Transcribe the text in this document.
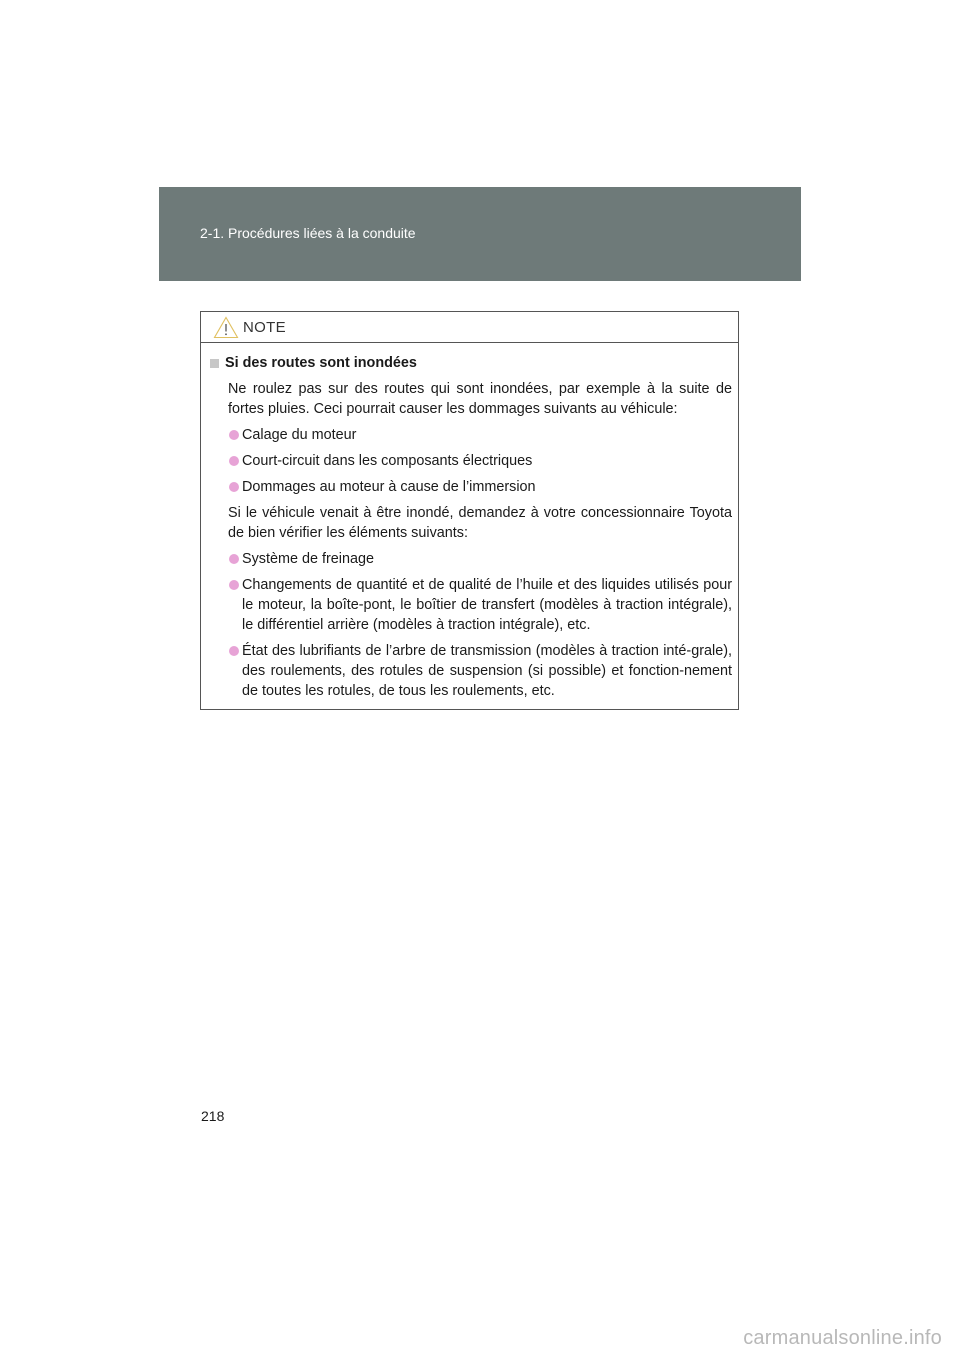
2-1. Procédures liées à la conduite
NOTE
Si des routes sont inondées
Ne roulez pas sur des routes qui sont inondées, par exemple à la suite de fortes pluies. Ceci pourrait causer les dommages suivants au véhicule:
Calage du moteur
Court-circuit dans les composants électriques
Dommages au moteur à cause de l’immersion
Si le véhicule venait à être inondé, demandez à votre concessionnaire Toyota de bien vérifier les éléments suivants:
Système de freinage
Changements de quantité et de qualité de l’huile et des liquides utilisés pour le moteur, la boîte-pont, le boîtier de transfert (modèles à traction intégrale), le différentiel arrière (modèles à traction intégrale), etc.
État des lubrifiants de l’arbre de transmission (modèles à traction inté-grale), des roulements, des rotules de suspension (si possible) et fonction-nement de toutes les rotules, de tous les roulements, etc.
218
carmanualsonline.info
